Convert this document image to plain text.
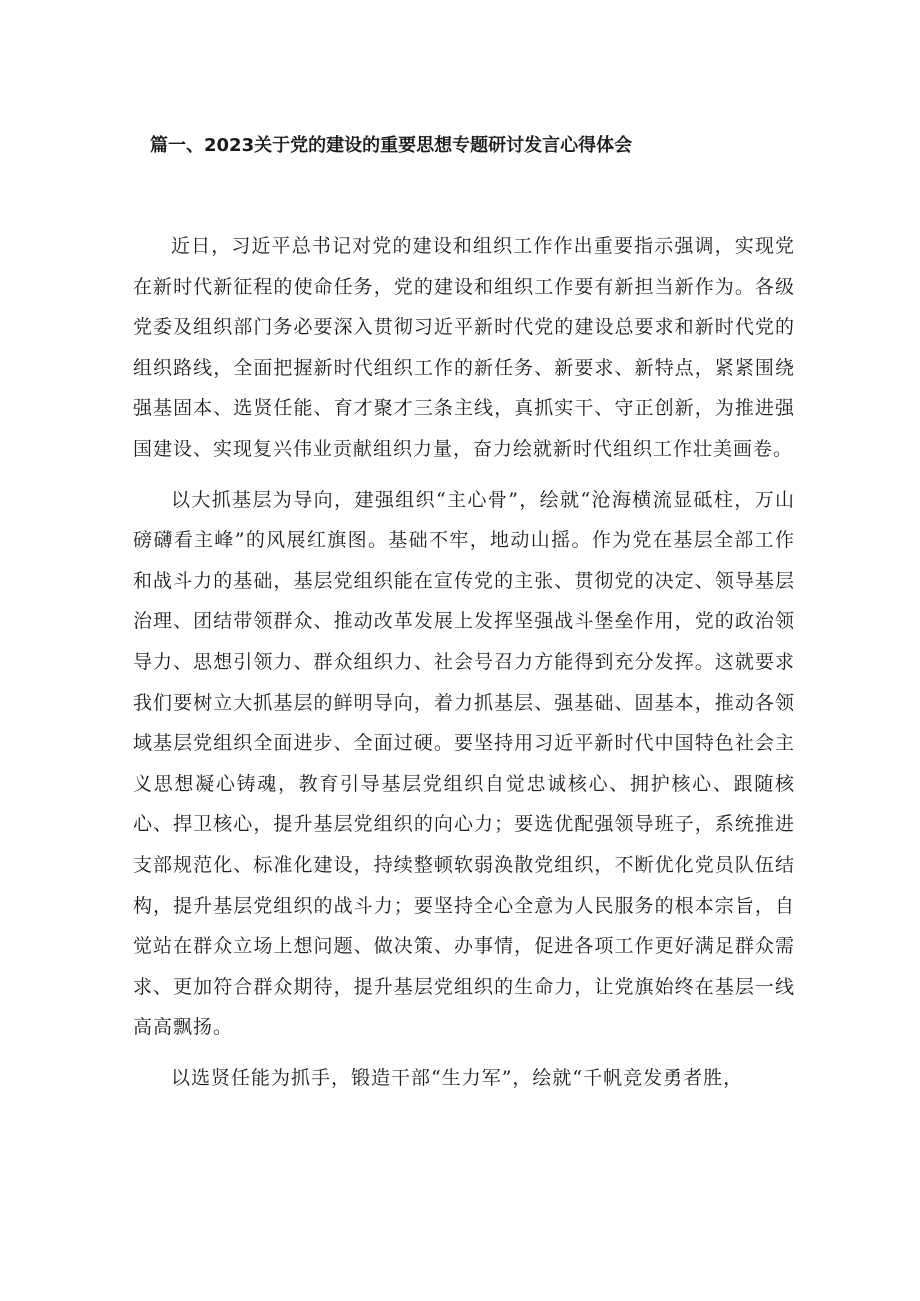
篇一、2023关于党的建设的重要思想专题研讨发言心得体会

近日，习近平总书记对党的建设和组织工作作出重要指示强调，实现党在新时代新征程的使命任务，党的建设和组织工作要有新担当新作为。各级党委及组织部门务必要深入贯彻习近平新时代党的建设总要求和新时代党的组织路线，全面把握新时代组织工作的新任务、新要求、新特点，紧紧围绕强基固本、选贤任能、育才聚才三条主线，真抓实干、守正创新，为推进强国建设、实现复兴伟业贡献组织力量，奋力绘就新时代组织工作壮美画卷。

以大抓基层为导向，建强组织“主心骨”，绘就“沧海横流显砥柱，万山磅礴看主峰”的风展红旗图。基础不牢，地动山摇。作为党在基层全部工作和战斗力的基础，基层党组织能在宣传党的主张、贯彻党的决定、领导基层治理、团结带领群众、推动改革发展上发挥坚强战斗堡垒作用，党的政治领导力、思想引领力、群众组织力、社会号召力方能得到充分发挥。这就要求我们要树立大抓基层的鲜明导向，着力抓基层、强基础、固基本，推动各领域基层党组织全面进步、全面过硬。要坚持用习近平新时代中国特色社会主义思想凝心铸魂，教育引导基层党组织自觉忠诚核心、拥护核心、跟随核心、捍卫核心，提升基层党组织的向心力；要选优配强领导班子，系统推进支部规范化、标准化建设，持续整顿软弱涣散党组织，不断优化党员队伍结构，提升基层党组织的战斗力；要坚持全心全意为人民服务的根本宗旨，自觉站在群众立场上想问题、做决策、办事情，促进各项工作更好满足群众需求、更加符合群众期待，提升基层党组织的生命力，让党旗始终在基层一线高高飘扬。

以选贤任能为抓手，锻造干部“生力军”，绘就“千帆竞发勇者胜，
